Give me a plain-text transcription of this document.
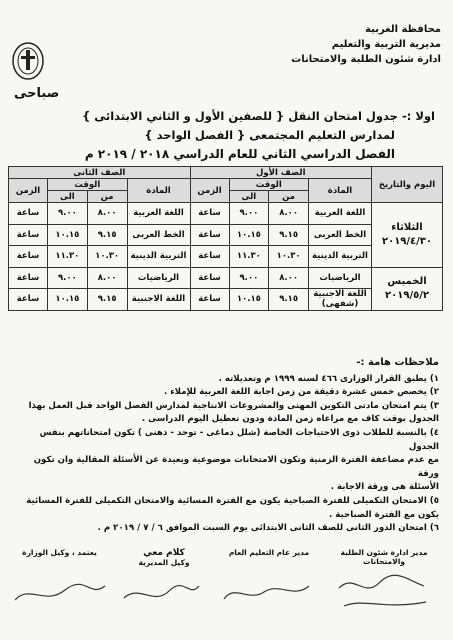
محافظة الغربية
مديرية التربية والتعليم
ادارة شئون الطلبة والامتحانات
صباحى
اولا :- جدول امتحان النقل { للصفين الأول و الثاني الابتدائى }
لمدارس التعليم المجتمعى { الفصل الواحد }
الفصل الدراسي الثاني للعام الدراسي ٢٠١٨ / ٢٠١٩ م
اليوم والتاريخ	الصف الأول				الصف الثانى			
	المادة	الوقت		الزمن	المادة	الوقت		الزمن
		من	الى			من	الى	

الثلاثاء
٢٠١٩/٤/٣٠	اللغة العربية	٨.٠٠	٩.٠٠	ساعة	اللغة العربية	٨.٠٠	٩.٠٠	ساعة
	الخط العربى	٩.١٥	١٠.١٥	ساعة	الخط العربى	٩.١٥	١٠.١٥	ساعة
	التربية الدينية	١٠.٣٠	١١.٣٠	ساعة	التربية الدينية	١٠.٣٠	١١.٣٠	ساعة

الخميس
٢٠١٩/٥/٢	الرياضيات	٨.٠٠	٩.٠٠	ساعة	الرياضيات	٨.٠٠	٩.٠٠	ساعة
	اللغة الاجنبية (شفهى)	٩.١٥	١٠.١٥	ساعة	اللغة الاجنبية	٩.١٥	١٠.١٥	ساعة
ملاحظات هامة :-

١) يطبق القرار الوزارى ٤٦٦ لسنه ١٩٩٩ م وتعديلاته .

٢) يخصص خمس عشرة دقيقة من زمن اجابة اللغة العربية للإملاء .

٣) يتم امتحان مادتى التكوين المهنى والمشروعات الانتاجية لمدارس الفصل الواحد قبل العمل بهذا

الجدول بوقت كاف مع مراعاه زمن المادة ودون تعطيل اليوم الدراسى .

٤) بالنسبة للطلاب ذوى الاحتياجات الخاصة (شلل دماغى - توحد - ذهنى ) تكون امتحاناتهم بنفس الجدول

مع عدم مضاعفة الفترة الزمنية وتكون الامتحانات موضوعية وبعيدة عن الأسئلة المقالية وان تكون ورقة

الأسئلة هى ورقة الاجابة .

٥) الامتحان التكميلى للفترة الصباحية يكون مع الفترة المسائية والامتحان التكميلى للفترة المسائية

يكون مع الفترة الصباحية .

٦) امتحان الدور الثانى للصف الثانى الابتدائى يوم السبت الموافق ٦ / ٧ / ٢٠١٩ م .

مدير ادارة شئون الطلبة والامتحانات
مدير عام التعليم العام
كلام معي
وكيل المديرية
يعتمد ، وكيل الوزارة
